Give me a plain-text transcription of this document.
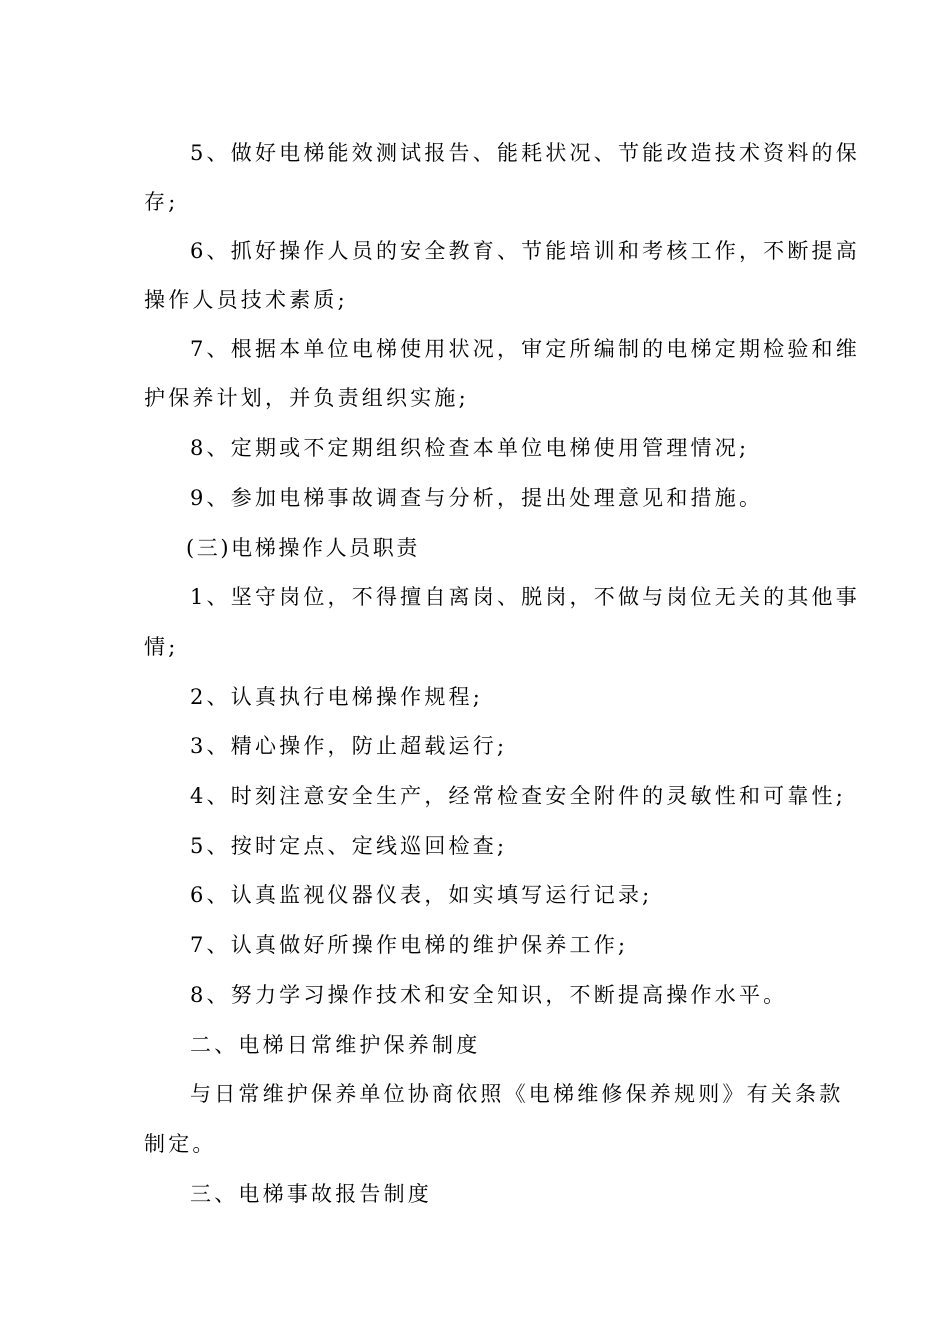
5、做好电梯能效测试报告、能耗状况、节能改造技术资料的保
存;
6、抓好操作人员的安全教育、节能培训和考核工作，不断提高
操作人员技术素质;
7、根据本单位电梯使用状况，审定所编制的电梯定期检验和维
护保养计划，并负责组织实施;
8、定期或不定期组织检查本单位电梯使用管理情况;
9、参加电梯事故调查与分析，提出处理意见和措施。
(三)电梯操作人员职责
1、坚守岗位，不得擅自离岗、脱岗，不做与岗位无关的其他事
情;
2、认真执行电梯操作规程;
3、精心操作，防止超载运行;
4、时刻注意安全生产，经常检查安全附件的灵敏性和可靠性;
5、按时定点、定线巡回检查;
6、认真监视仪器仪表，如实填写运行记录;
7、认真做好所操作电梯的维护保养工作;
8、努力学习操作技术和安全知识，不断提高操作水平。
二、电梯日常维护保养制度
与日常维护保养单位协商依照《电梯维修保养规则》有关条款
制定。
三、电梯事故报告制度
